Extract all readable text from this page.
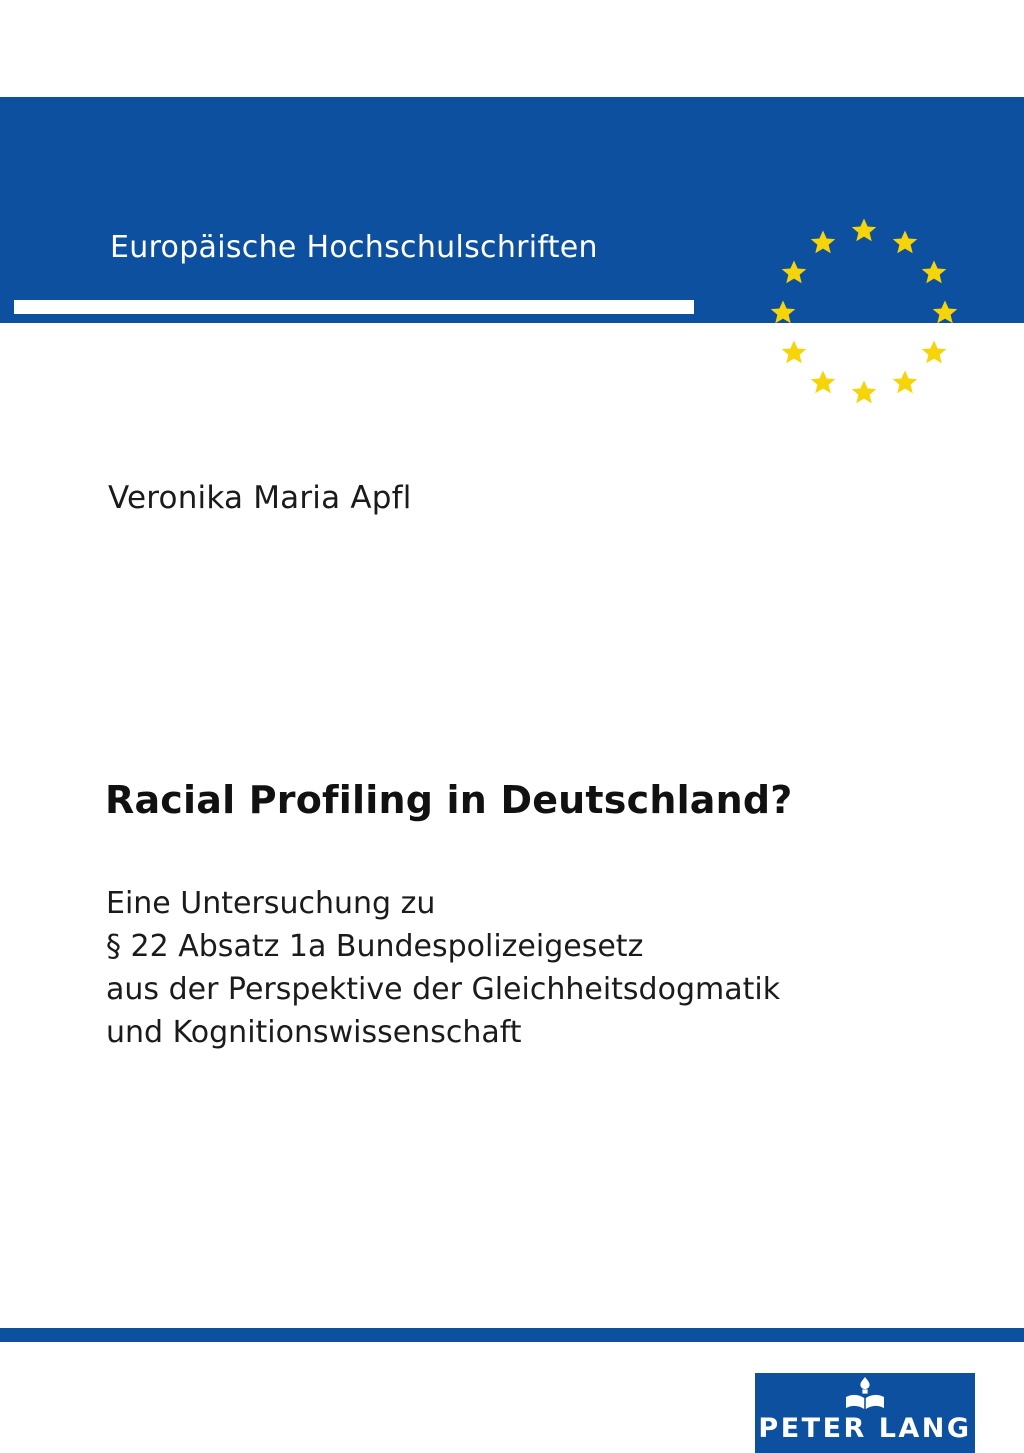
Europäische Hochschulschriften
Rechtswissenschaft
Veronika Maria Apfl
Racial Profiling in Deutschland?
Eine Untersuchung zu
§ 22 Absatz 1a Bundespolizeigesetz
aus der Perspektive der Gleichheitsdogmatik
und Kognitionswissenschaft
PETER LANG
